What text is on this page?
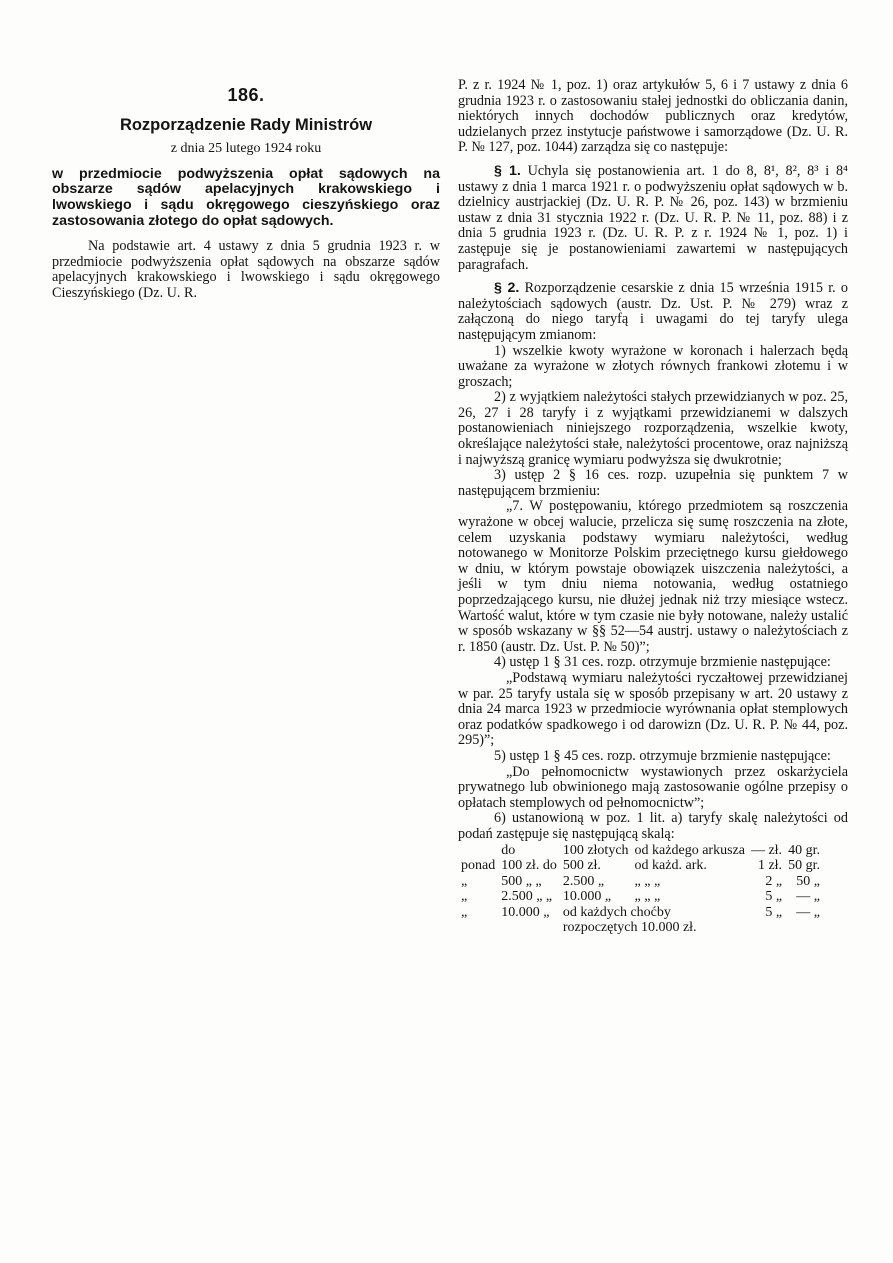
186.
Rozporządzenie Rady Ministrów
z dnia 25 lutego 1924 roku
w przedmiocie podwyższenia opłat sądowych na obszarze sądów apelacyjnych krakowskiego i lwowskiego i sądu okręgowego cieszyńskiego oraz zastosowania złotego do opłat sądowych.

Na podstawie art. 4 ustawy z dnia 5 grudnia 1923 r. w przedmiocie podwyższenia opłat sądowych na obszarze sądów apelacyjnych krakowskiego i lwowskiego i sądu okręgowego Cieszyńskiego (Dz. U. R.

P. z r. 1924 № 1, poz. 1) oraz artykułów 5, 6 i 7 ustawy z dnia 6 grudnia 1923 r. o zastosowaniu stałej jednostki do obliczania danin, niektórych innych dochodów publicznych oraz kredytów, udzielanych przez instytucje państwowe i samorządowe (Dz. U. R. P. № 127, poz. 1044) zarządza się co następuje:

§ 1. Uchyla się postanowienia art. 1 do 8, 8¹, 8², 8³ i 8⁴ ustawy z dnia 1 marca 1921 r. o podwyższeniu opłat sądowych w b. dzielnicy austrjackiej (Dz. U. R. P. № 26, poz. 143) w brzmieniu ustaw z dnia 31 stycznia 1922 r. (Dz. U. R. P. № 11, poz. 88) i z dnia 5 grudnia 1923 r. (Dz. U. R. P. z r. 1924 № 1, poz. 1) i zastępuje się je postanowieniami zawartemi w następujących paragrafach.

§ 2. Rozporządzenie cesarskie z dnia 15 września 1915 r. o należytościach sądowych (austr. Dz. Ust. P. № 279) wraz z załączoną do niego taryfą i uwagami do tej taryfy ulega następującym zmianom:

1) wszelkie kwoty wyrażone w koronach i halerzach będą uważane za wyrażone w złotych równych frankowi złotemu i w groszach;

2) z wyjątkiem należytości stałych przewidzianych w poz. 25, 26, 27 i 28 taryfy i z wyjątkami przewidzianemi w dalszych postanowieniach niniejszego rozporządzenia, wszelkie kwoty, określające należytości stałe, należytości procentowe, oraz najniższą i najwyższą granicę wymiaru podwyższa się dwukrotnie;

3) ustęp 2 § 16 ces. rozp. uzupełnia się punktem 7 w następującem brzmieniu:

„7. W postępowaniu, którego przedmiotem są roszczenia wyrażone w obcej walucie, przelicza się sumę roszczenia na złote, celem uzyskania podstawy wymiaru należytości, według notowanego w Monitorze Polskim przeciętnego kursu giełdowego w dniu, w którym powstaje obowiązek uiszczenia należytości, a jeśli w tym dniu niema notowania, według ostatniego poprzedzającego kursu, nie dłużej jednak niż trzy miesiące wstecz. Wartość walut, które w tym czasie nie były notowane, należy ustalić w sposób wskazany w §§ 52—54 austrj. ustawy o należytościach z r. 1850 (austr. Dz. Ust. P. № 50)”;

4) ustęp 1 § 31 ces. rozp. otrzymuje brzmienie następujące:

„Podstawą wymiaru należytości ryczałtowej przewidzianej w par. 25 taryfy ustala się w sposób przepisany w art. 20 ustawy z dnia 24 marca 1923 w przedmiocie wyrównania opłat stemplowych oraz podatków spadkowego i od darowizn (Dz. U. R. P. № 44, poz. 295)”;

5) ustęp 1 § 45 ces. rozp. otrzymuje brzmienie następujące:

„Do pełnomocnictw wystawionych przez oskarżyciela prywatnego lub obwinionego mają zastosowanie ogólne przepisy o opłatach stemplowych od pełnomocnictw”;

6) ustanowioną w poz. 1 lit. a) taryfy skalę należytości od podań zastępuje się następującą skalą:

	do	100 złotych	od każdego arkusza	— zł.	40 gr.
ponad	100 zł. do	500 zł.	od każd. ark.	1 zł.	50 gr.
„	500 „ „	2.500 „	„ „ „	2 „	50 „
„	2.500 „ „	10.000 „	„ „ „	5 „	— „
„	10.000 „	od każdych choćby rozpoczętych 10.000 zł.		5 „	— „
